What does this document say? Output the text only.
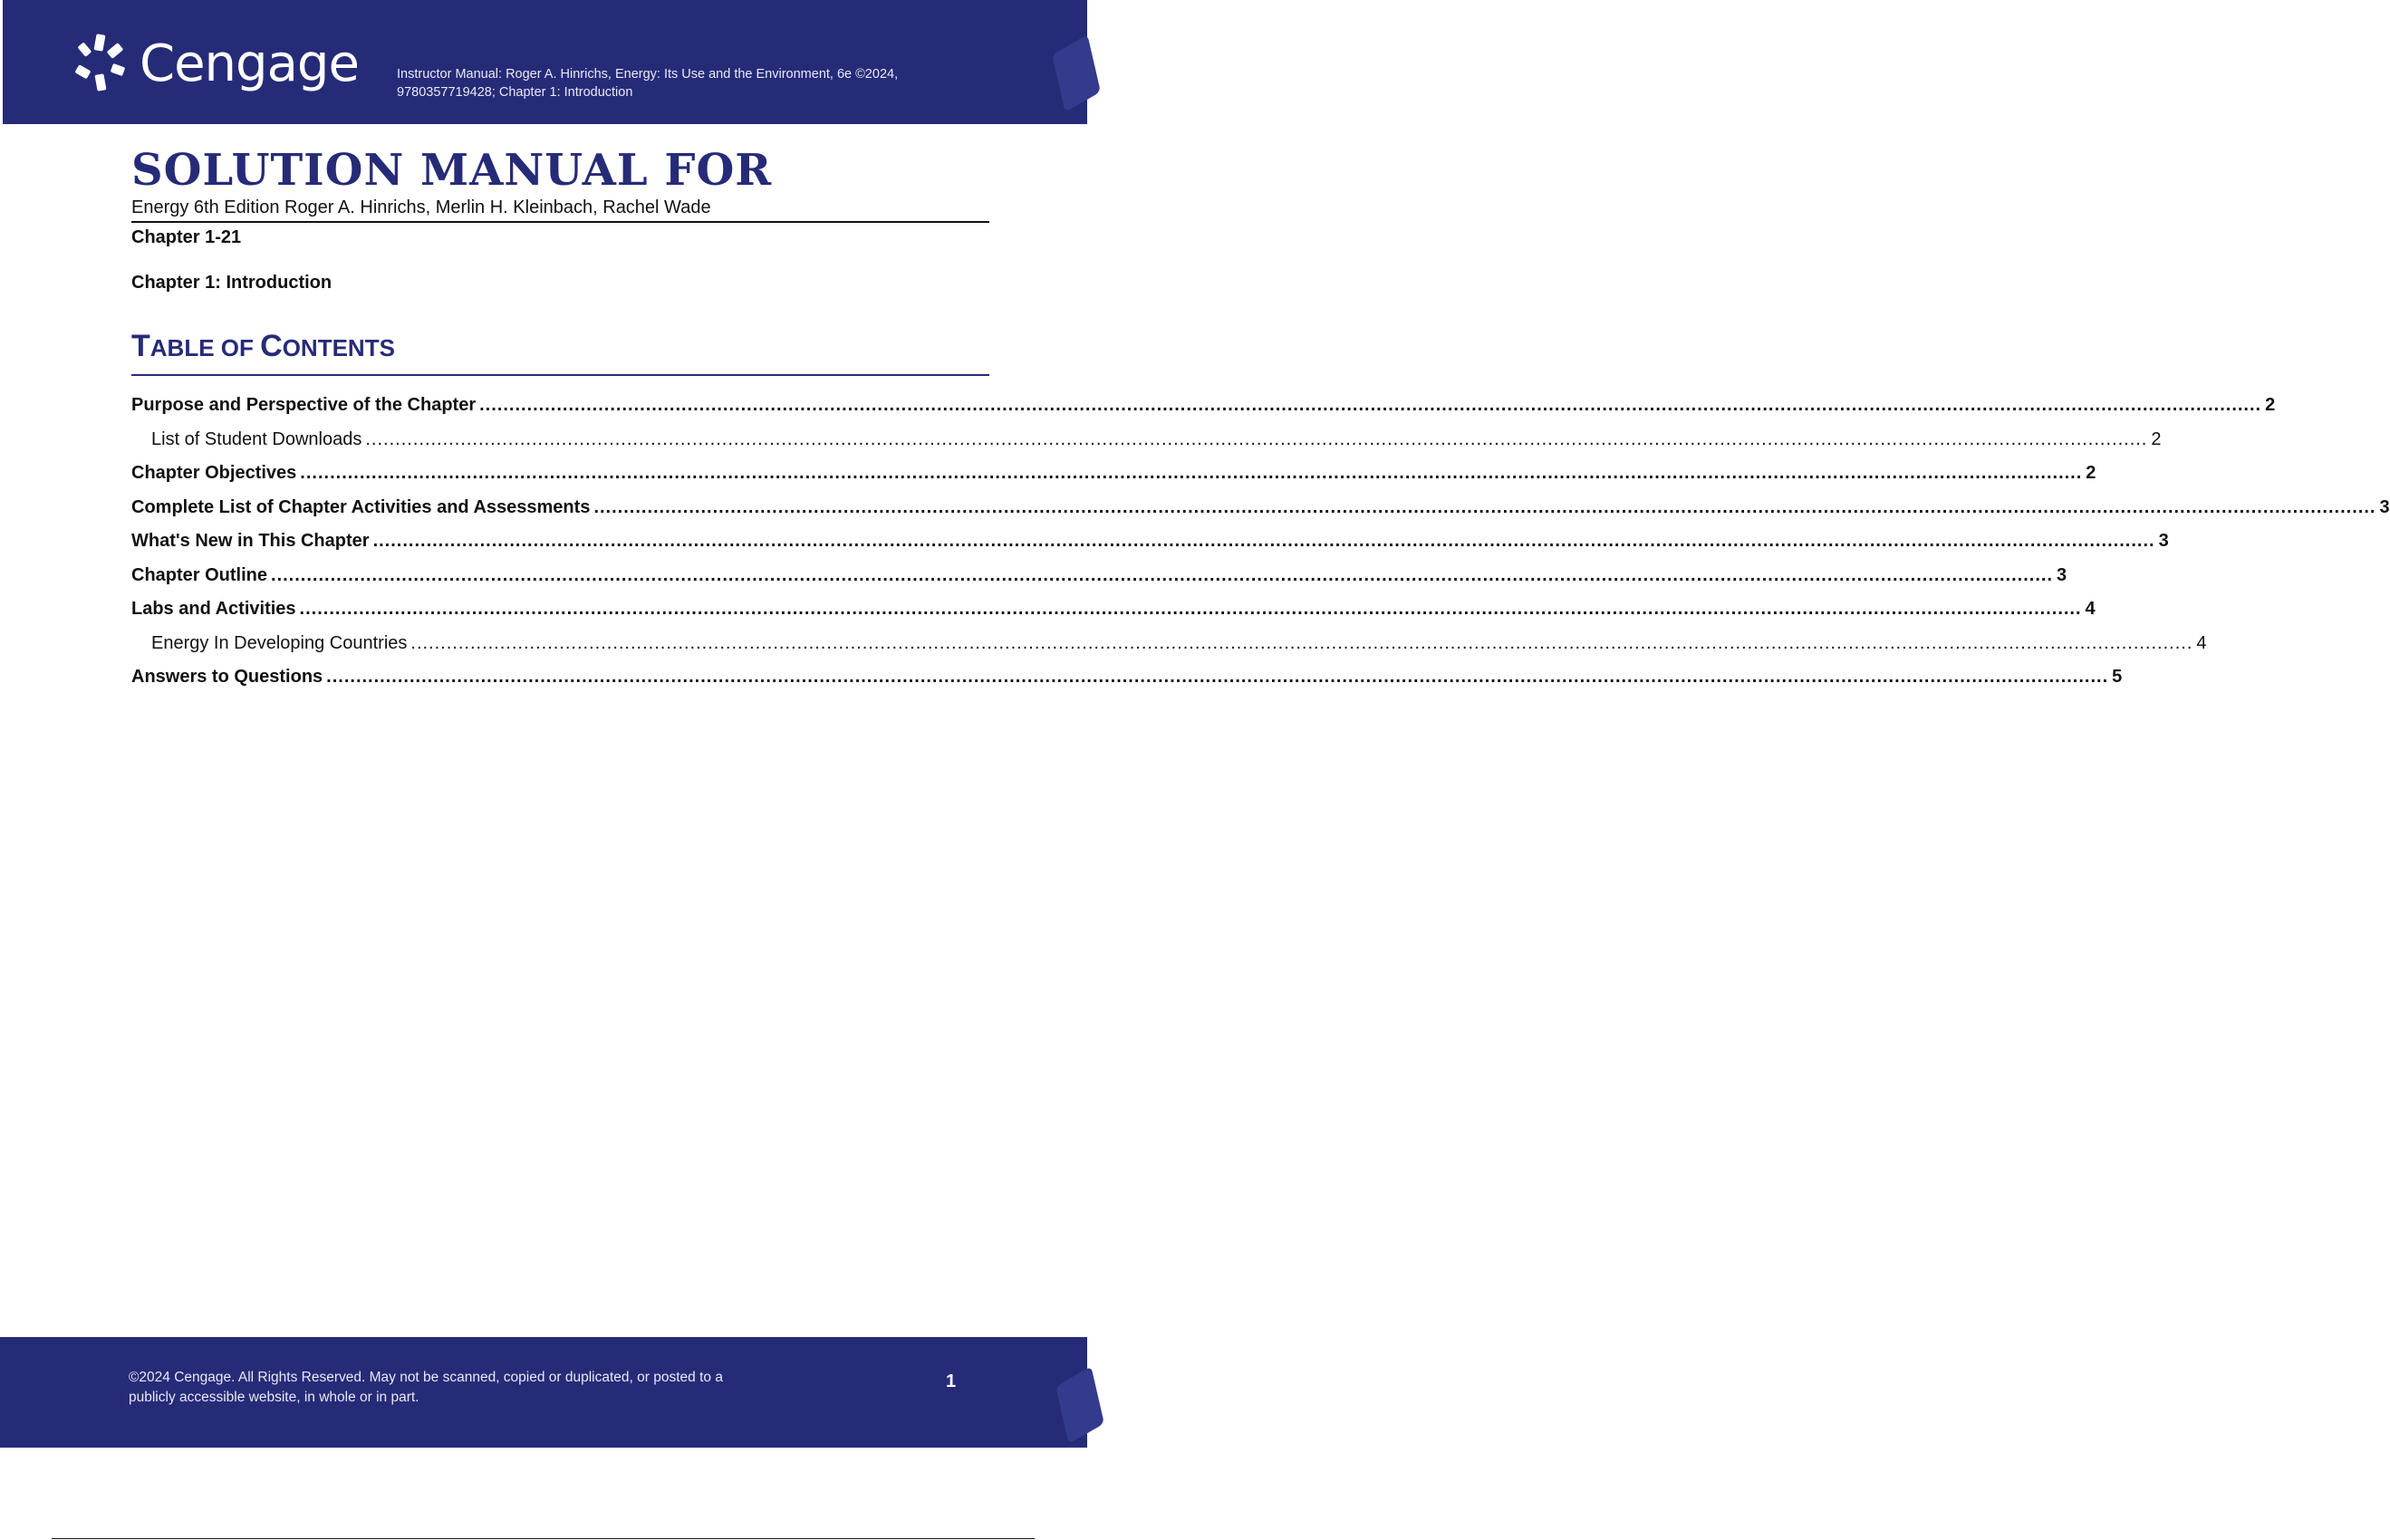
Cengage	Instructor Manual: Roger A. Hinrichs, Energy: Its Use and the Environment, 6e ©2024, 9780357719428; Chapter 1: Introduction
SOLUTION MANUAL FOR
Energy 6th Edition Roger A. Hinrichs, Merlin H. Kleinbach, Rachel Wade
Chapter 1-21
Chapter 1: Introduction
TABLE OF CONTENTS
Purpose and Perspective of the Chapter ............................................................................................................................................................................................................................................................................................................ 2
List of Student Downloads ............................................................................................................................................................................................................................................................................................................ 2
Chapter Objectives ............................................................................................................................................................................................................................................................................................................ 2
Complete List of Chapter Activities and Assessments ............................................................................................................................................................................................................................................................................................................ 3
What's New in This Chapter ............................................................................................................................................................................................................................................................................................................ 3
Chapter Outline ............................................................................................................................................................................................................................................................................................................ 3
Labs and Activities ............................................................................................................................................................................................................................................................................................................ 4
Energy In Developing Countries ............................................................................................................................................................................................................................................................................................................ 4
Answers to Questions ............................................................................................................................................................................................................................................................................................................ 5
©2024 Cengage. All Rights Reserved. May not be scanned, copied or duplicated, or posted to a
publicly accessible website, in whole or in part.
1
